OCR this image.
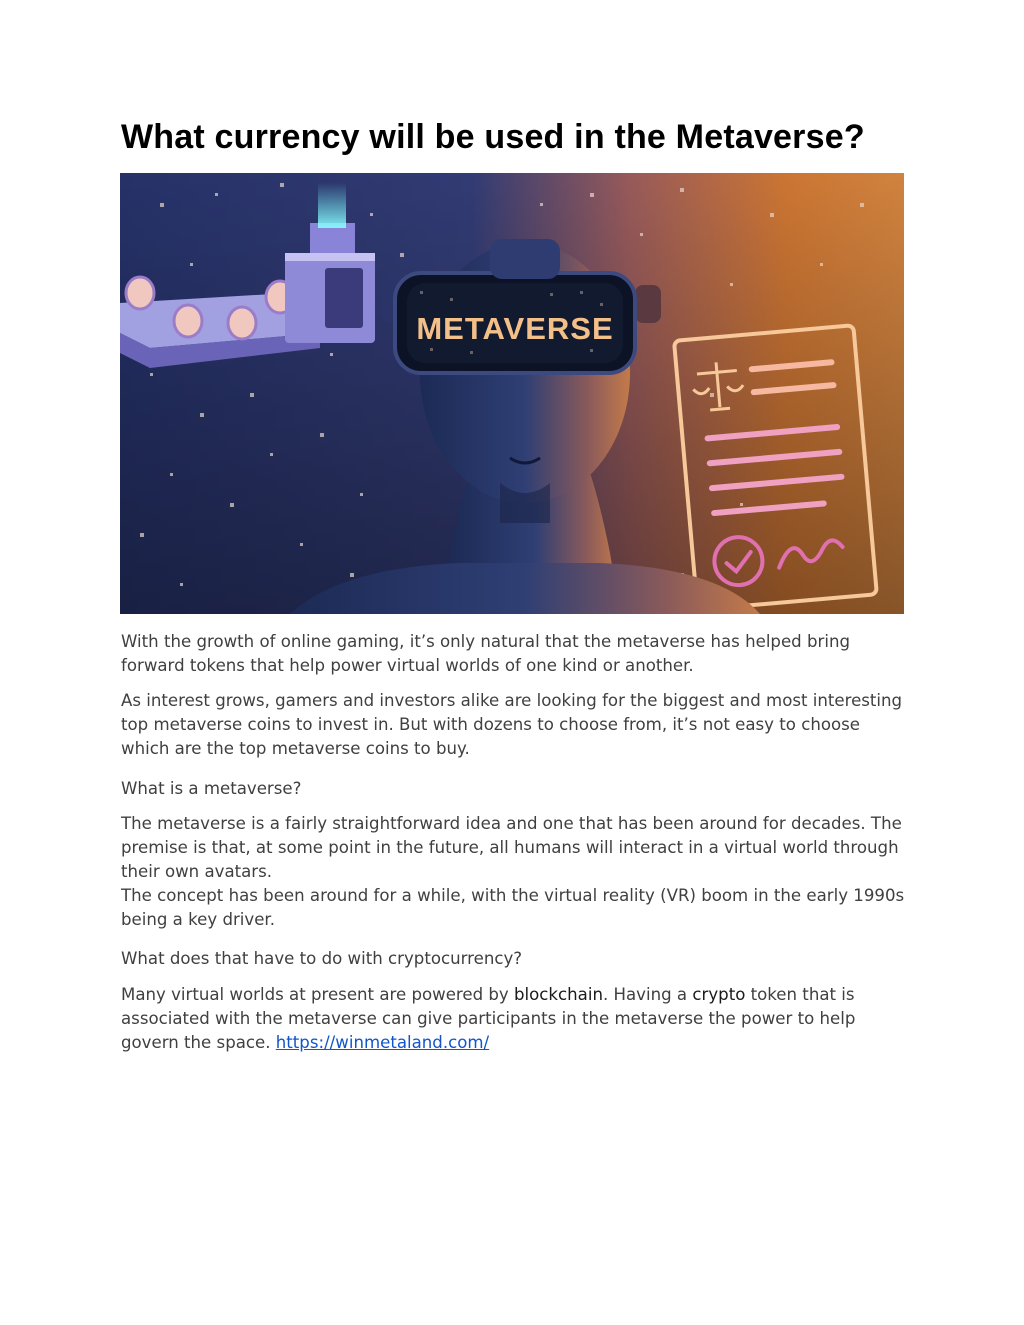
What currency will be used in the Metaverse?
METAVERSE

With the growth of online gaming, it’s only natural that the metaverse has helped bring forward tokens that help power virtual worlds of one kind or another.

As interest grows, gamers and investors alike are looking for the biggest and most interesting top metaverse coins to invest in. But with dozens to choose from, it’s not easy to choose which are the top metaverse coins to buy.

What is a metaverse?

The metaverse is a fairly straightforward idea and one that has been around for decades. The premise is that, at some point in the future, all humans will interact in a virtual world through their own avatars.

The concept has been around for a while, with the virtual reality (VR) boom in the early 1990s being a key driver.

What does that have to do with cryptocurrency?

Many virtual worlds at present are powered by blockchain. Having a crypto token that is associated with the metaverse can give participants in the metaverse the power to help govern the space. https://winmetaland.com/
